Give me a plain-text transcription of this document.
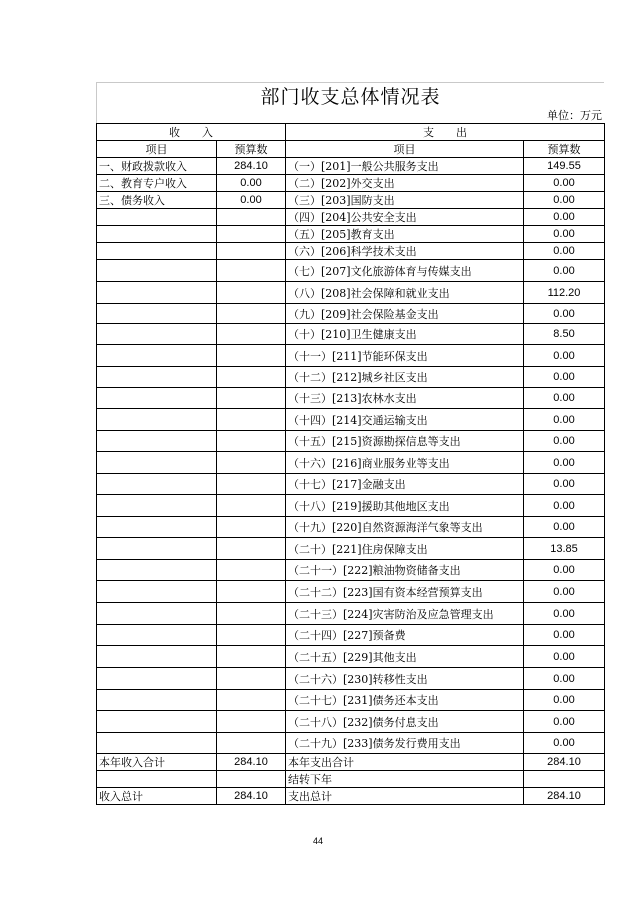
部门收支总体情况表
单位：万元
收　　入		支　　出	
项目	预算数	项目	预算数
一、财政拨款收入	284.10	（一）[201]一般公共服务支出	149.55
二、教育专户收入	0.00	（二）[202]外交支出	0.00
三、债务收入	0.00	（三）[203]国防支出	0.00
		（四）[204]公共安全支出	0.00
		（五）[205]教育支出	0.00
		（六）[206]科学技术支出	0.00
		（七）[207]文化旅游体育与传媒支出	0.00
		（八）[208]社会保障和就业支出	112.20
		（九）[209]社会保险基金支出	0.00
		（十）[210]卫生健康支出	8.50
		（十一）[211]节能环保支出	0.00
		（十二）[212]城乡社区支出	0.00
		（十三）[213]农林水支出	0.00
		（十四）[214]交通运输支出	0.00
		（十五）[215]资源勘探信息等支出	0.00
		（十六）[216]商业服务业等支出	0.00
		（十七）[217]金融支出	0.00
		（十八）[219]援助其他地区支出	0.00
		（十九）[220]自然资源海洋气象等支出	0.00
		（二十）[221]住房保障支出	13.85
		（二十一）[222]粮油物资储备支出	0.00
		（二十二）[223]国有资本经营预算支出	0.00
		（二十三）[224]灾害防治及应急管理支出	0.00
		（二十四）[227]预备费	0.00
		（二十五）[229]其他支出	0.00
		（二十六）[230]转移性支出	0.00
		（二十七）[231]债务还本支出	0.00
		（二十八）[232]债务付息支出	0.00
		（二十九）[233]债务发行费用支出	0.00
本年收入合计	284.10	本年支出合计	284.10
		结转下年	
收入总计	284.10	支出总计	284.10
44
